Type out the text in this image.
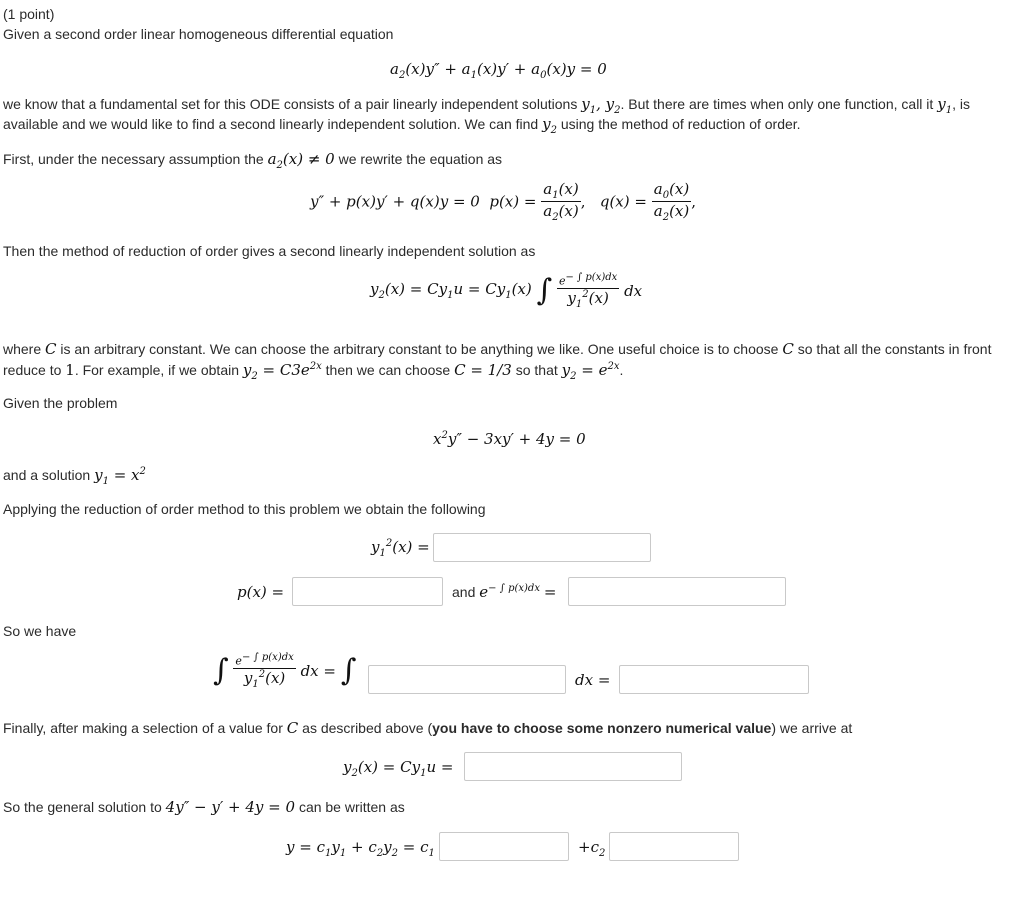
(1 point)
Given a second order linear homogeneous differential equation
$a_2(x)y'' + a_1(x)y' + a_0(x)y = 0$
we know that a fundamental set for this ODE consists of a pair linearly independent solutions $y_1$, $y_2$. But there are times when only one function, call it $y_1$, is
available and we would like to find a second linearly independent solution. We can find $y_2$ using the method of reduction of order.
First, under the necessary assumption the $a_2(x) \ne 0$ we rewrite the equation as
y″ + p(x)y′ + q(x)y = 0  $p(x) = \frac{a_1(x)}{a_2(x)}$ ,   $q(x) = \frac{a_0(x)}{a_2(x)}$ ,
Then the method of reduction of order gives a second linearly independent solution as
$y_2(x) = Cy_1u = Cy_1(x)$ ∫ $\frac{e^{- \int p(x)dx}}{y_1^2(x)}$ dx
where C is an arbitrary constant. We can choose the arbitrary constant to be anything we like. One useful choice is to choose C so that all the constants in front
reduce to 1. For example, if we obtain $y_2 = C3e^{2x}$ then we can choose C = 1/3 so that $y_2 = e^{2x}$.
Given the problem
$x^2y'' - 3xy' + 4y = 0$
and a solution $y_1 = x^2$
Applying the reduction of order method to this problem we obtain the following
$y_1^2(x)$ =
p(x) =	and $e^{- \int p(x)dx}$ =
So we have
∫ $\frac{e^{- \int p(x)dx}}{y_1^2(x)}$ dx = ∫	dx =
Finally, after making a selection of a value for C as described above (you have to choose some nonzero numerical value) we arrive at
$y_2(x) = Cy_1u$ =
So the general solution to 4y″ − y′ + 4y = 0 can be written as
$y = c_1y_1 + c_2y_2 = c_1$	$+c_2$
